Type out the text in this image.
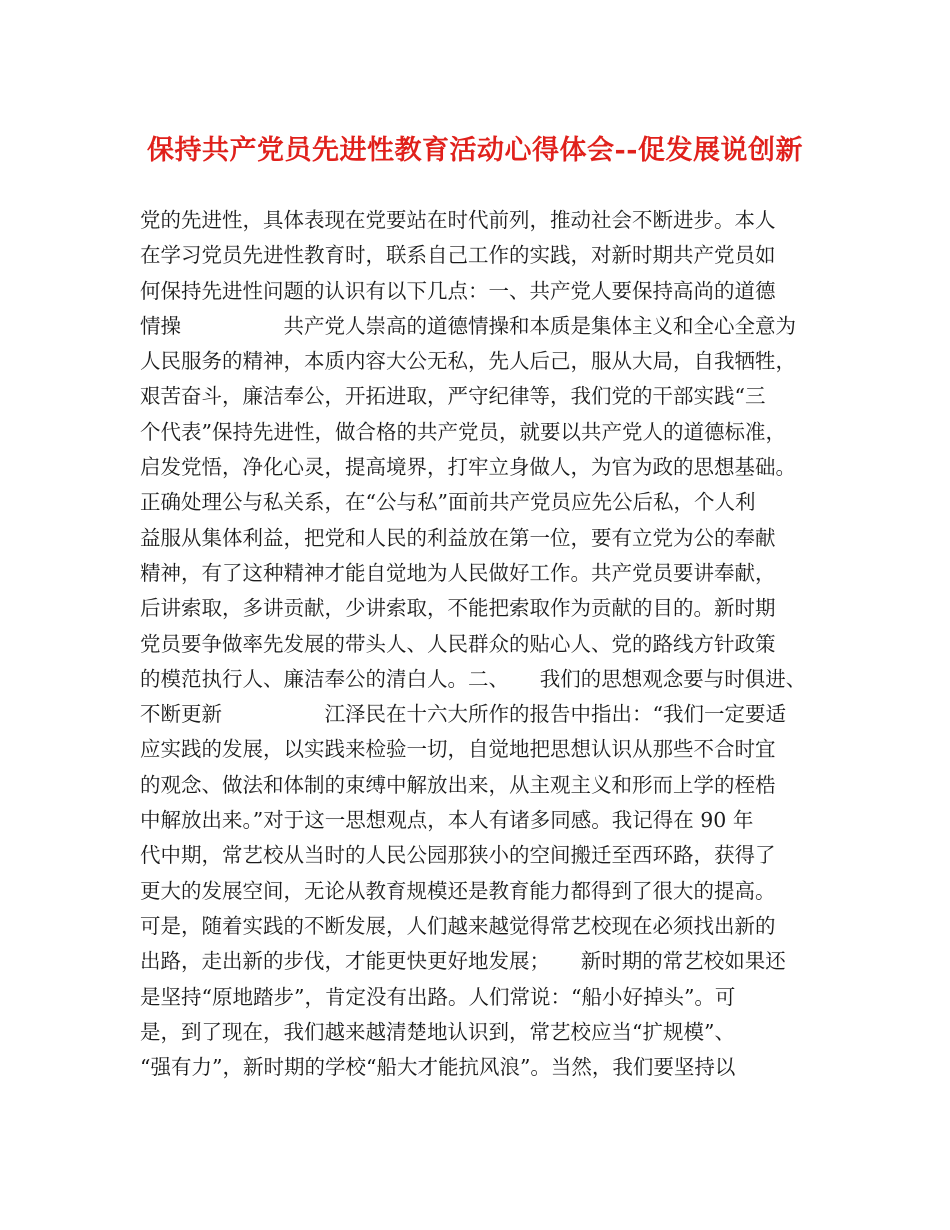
保持共产党员先进性教育活动心得体会--促发展说创新
党的先进性，具体表现在党要站在时代前列，推动社会不断进步。本人
在学习党员先进性教育时，联系自己工作的实践，对新时期共产党员如
何保持先进性问题的认识有以下几点：一、共产党人要保持高尚的道德
情操　　　　　共产党人崇高的道德情操和本质是集体主义和全心全意为
人民服务的精神，本质内容大公无私，先人后己，服从大局，自我牺牲，
艰苦奋斗，廉洁奉公，开拓进取，严守纪律等，我们党的干部实践“三
个代表”保持先进性，做合格的共产党员，就要以共产党人的道德标准，
启发党悟，净化心灵，提高境界，打牢立身做人，为官为政的思想基础。
正确处理公与私关系，在“公与私”面前共产党员应先公后私，个人利
益服从集体利益，把党和人民的利益放在第一位，要有立党为公的奉献
精神，有了这种精神才能自觉地为人民做好工作。共产党员要讲奉献，
后讲索取，多讲贡献，少讲索取，不能把索取作为贡献的目的。新时期
党员要争做率先发展的带头人、人民群众的贴心人、党的路线方针政策
的模范执行人、廉洁奉公的清白人。二、　　我们的思想观念要与时俱进、
不断更新　　　　　江泽民在十六大所作的报告中指出：“我们一定要适
应实践的发展，以实践来检验一切，自觉地把思想认识从那些不合时宜
的观念、做法和体制的束缚中解放出来，从主观主义和形而上学的桎梏
中解放出来。”对于这一思想观点，本人有诸多同感。我记得在 90 年
代中期，常艺校从当时的人民公园那狭小的空间搬迁至西环路，获得了
更大的发展空间，无论从教育规模还是教育能力都得到了很大的提高。
可是，随着实践的不断发展，人们越来越觉得常艺校现在必须找出新的
出路，走出新的步伐，才能更快更好地发展；　　新时期的常艺校如果还
是坚持“原地踏步”，肯定没有出路。人们常说：“船小好掉头”。可
是，到了现在，我们越来越清楚地认识到，常艺校应当“扩规模”、
“强有力”，新时期的学校“船大才能抗风浪”。当然，我们要坚持以
